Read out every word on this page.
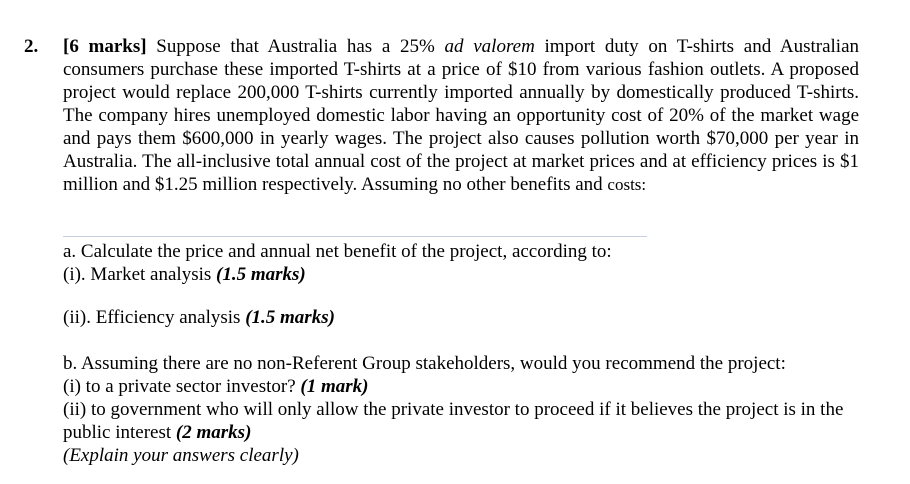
2. [6 marks] Suppose that Australia has a 25% ad valorem import duty on T-shirts and Australian consumers purchase these imported T-shirts at a price of $10 from various fashion outlets. A proposed project would replace 200,000 T-shirts currently imported annually by domestically produced T-shirts. The company hires unemployed domestic labor having an opportunity cost of 20% of the market wage and pays them $600,000 in yearly wages. The project also causes pollution worth $70,000 per year in Australia. The all-inclusive total annual cost of the project at market prices and at efficiency prices is $1 million and $1.25 million respectively. Assuming no other benefits and costs:

a. Calculate the price and annual net benefit of the project, according to:
(i). Market analysis (1.5 marks)
(ii). Efficiency analysis (1.5 marks)
b. Assuming there are no non-Referent Group stakeholders, would you recommend the project:
(i) to a private sector investor? (1 mark)
(ii) to government who will only allow the private investor to proceed if it believes the project is in the public interest (2 marks)
(Explain your answers clearly)
